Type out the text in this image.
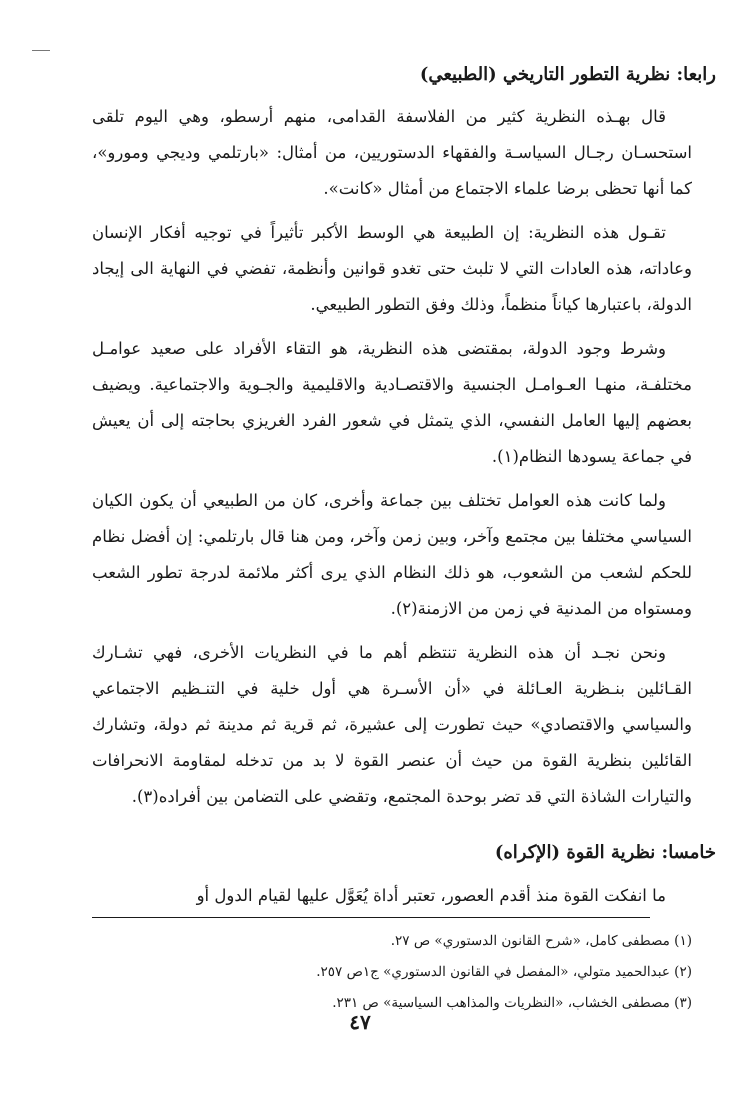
رابعا: نظرية التطور التاريخي (الطبيعي)

قال بهـذه النظرية كثير من الفلاسفة القدامى، منهم أرسطو، وهي اليوم تلقى استحسـان رجـال السياسـة والفقهاء الدستوريين، من أمثال: «بارتلمي وديجي ومورو»، كما أنها تحظى برضا علماء الاجتماع من أمثال «كانت».

تقـول هذه النظرية: إن الطبيعة هي الوسط الأكبر تأثيراً في توجيه أفكار الإنسان وعاداته، هذه العادات التي لا تلبث حتى تغدو قوانين وأنظمة، تفضي في النهاية الى إيجاد الدولة، باعتبارها كياناً منظماً، وذلك وفق التطور الطبيعي.

وشرط وجود الدولة، بمقتضى هذه النظرية، هو التقاء الأفراد على صعيد عوامـل مختلفـة، منهـا العـوامـل الجنسية والاقتصـادية والاقليمية والجـوية والاجتماعية. ويضيف بعضهم إليها العامل النفسي، الذي يتمثل في شعور الفرد الغريزي بحاجته إلى أن يعيش في جماعة يسودها النظام(١).

ولما كانت هذه العوامل تختلف بين جماعة وأخرى، كان من الطبيعي أن يكون الكيان السياسي مختلفا بين مجتمع وآخر، وبين زمن وآخر، ومن هنا قال بارتلمي: إن أفضل نظام للحكم لشعب من الشعوب، هو ذلك النظام الذي يرى أكثر ملائمة لدرجة تطور الشعب ومستواه من المدنية في زمن من الازمنة(٢).

ونحن نجـد أن هذه النظرية تنتظم أهم ما في النظريات الأخرى، فهي تشـارك القـائلين بنـظرية العـائلة في «أن الأسـرة هي أول خلية في التنـظيم الاجتماعي والسياسي والاقتصادي» حيث تطورت إلى عشيرة، ثم قرية ثم مدينة ثم دولة، وتشارك القائلين بنظرية القوة من حيث أن عنصر القوة لا بد من تدخله لمقاومة الانحرافات والتيارات الشاذة التي قد تضر بوحدة المجتمع، وتقضي على التضامن بين أفراده(٣).

خامسا: نظرية القوة (الإكراه)

ما انفكت القوة منذ أقدم العصور، تعتبر أداة يُعَوَّل عليها لقيام الدول أو

(١) مصطفى كامل، «شرح القانون الدستوري» ص ٢٧.
(٢) عبدالحميد متولي، «المفصل في القانون الدستوري» ج١ص ٢٥٧.
(٣) مصطفى الخشاب، «النظريات والمذاهب السياسية» ص ٢٣١.
٤٧
